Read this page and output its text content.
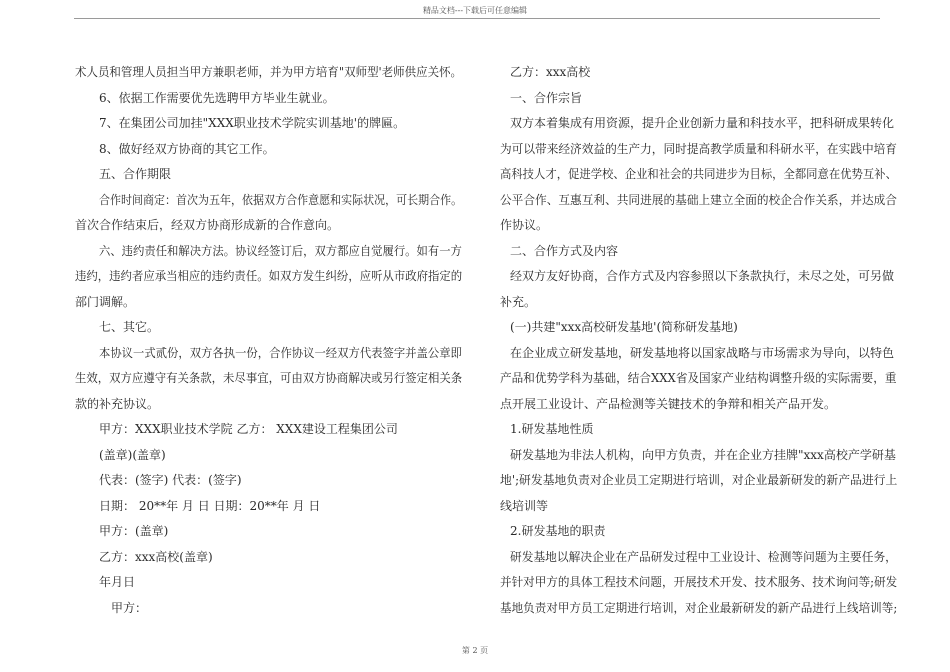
精品文档---下载后可任意编辑
术人员和管理人员担当甲方兼职老师，并为甲方培育"双师型'老师供应关怀。
6、依据工作需要优先选聘甲方毕业生就业。
7、在集团公司加挂"XXX职业技术学院实训基地'的牌匾。
8、做好经双方协商的其它工作。
五、合作期限
合作时间商定：首次为五年，依据双方合作意愿和实际状况，可长期合作。
首次合作结束后，经双方协商形成新的合作意向。
六、违约责任和解决方法。协议经签订后，双方都应自觉履行。如有一方
违约，违约者应承当相应的违约责任。如双方发生纠纷，应听从市政府指定的
部门调解。
七、其它。
本协议一式贰份，双方各执一份，合作协议一经双方代表签字并盖公章即
生效，双方应遵守有关条款，未尽事宜，可由双方协商解决或另行签定相关条
款的补充协议。
甲方：XXX职业技术学院 乙方： XXX建设工程集团公司
(盖章)(盖章)
代表：(签字) 代表：(签字)
日期： 20**年 月 日 日期：20**年 月 日
甲方：(盖章)
乙方：xxx高校(盖章)
年月日
甲方：
乙方：xxx高校
一、合作宗旨
双方本着集成有用资源，提升企业创新力量和科技水平，把科研成果转化
为可以带来经济效益的生产力，同时提高教学质量和科研水平，在实践中培育
高科技人才，促进学校、企业和社会的共同进步为目标，全都同意在优势互补、
公平合作、互惠互利、共同进展的基础上建立全面的校企合作关系，并达成合
作协议。
二、合作方式及内容
经双方友好协商，合作方式及内容参照以下条款执行，未尽之处，可另做
补充。
(一)共建"xxx高校研发基地'(简称研发基地)
在企业成立研发基地，研发基地将以国家战略与市场需求为导向，以特色
产品和优势学科为基础，结合XXX省及国家产业结构调整升级的实际需要，重
点开展工业设计、产品检测等关键技术的争辩和相关产品开发。
1.研发基地性质
研发基地为非法人机构，向甲方负责，并在企业方挂牌"xxx高校产学研基
地';研发基地负责对企业员工定期进行培训，对企业最新研发的新产品进行上
线培训等
2.研发基地的职责
研发基地以解决企业在产品研发过程中工业设计、检测等问题为主要任务，
并针对甲方的具体工程技术问题，开展技术开发、技术服务、技术询问等;研发
基地负责对甲方员工定期进行培训，对企业最新研发的新产品进行上线培训等;
第 2 页
